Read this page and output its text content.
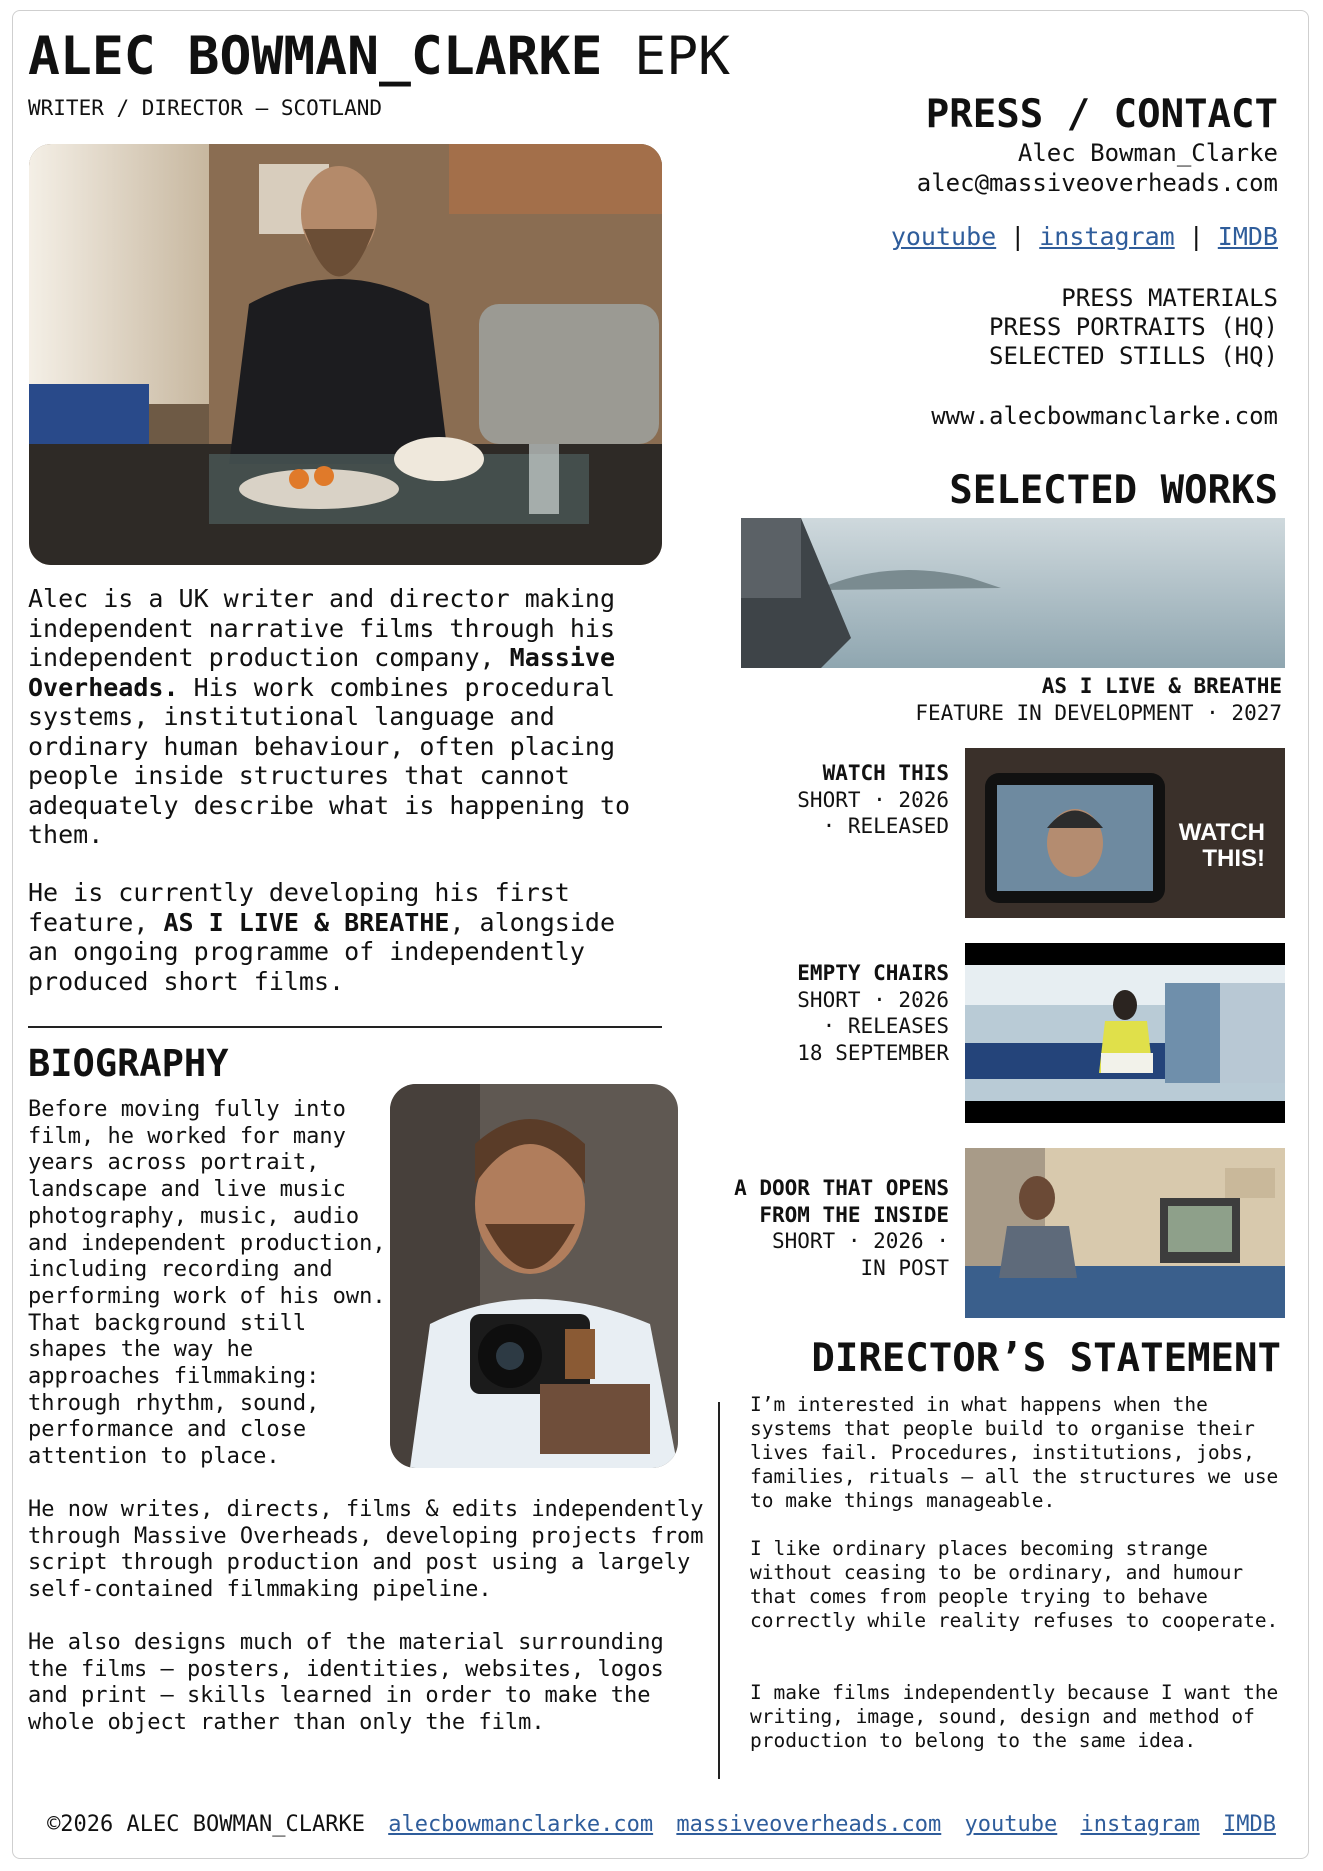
ALEC BOWMAN_CLARKE EPK
WRITER / DIRECTOR – SCOTLAND
Alec is a UK writer and director making independent narrative films through his independent production company, Massive Overheads. His work combines procedural systems, institutional language and ordinary human behaviour, often placing people inside structures that cannot adequately describe what is happening to them.
He is currently developing his first feature, AS I LIVE & BREATHE, alongside an ongoing programme of independently produced short films.
BIOGRAPHY
Before moving fully into film, he worked for many years across portrait, landscape and live music photography, music, audio and independent production, including recording and performing work of his own. That background still shapes the way he approaches filmmaking: through rhythm, sound, performance and close attention to place.
He now writes, directs, films & edits independently through Massive Overheads, developing projects from script through production and post using a largely self-contained filmmaking pipeline.
He also designs much of the material surrounding the films – posters, identities, websites, logos and print – skills learned in order to make the whole object rather than only the film.
PRESS / CONTACT
Alec Bowman_Clarke
alec@massiveoverheads.com
youtube | instagram | IMDB
PRESS MATERIALS
PRESS PORTRAITS (HQ)
SELECTED STILLS (HQ)
www.alecbowmanclarke.com
SELECTED WORKS
AS I LIVE & BREATHE
FEATURE IN DEVELOPMENT · 2027
WATCH THIS
SHORT · 2026
· RELEASED	WATCH
THIS!
EMPTY CHAIRS
SHORT · 2026
· RELEASES
18 SEPTEMBER
A DOOR THAT OPENS
FROM THE INSIDE
SHORT · 2026 ·
IN POST
DIRECTOR’S STATEMENT
I’m interested in what happens when the systems that people build to organise their lives fail. Procedures, institutions, jobs, families, rituals – all the structures we use to make things manageable.
I like ordinary places becoming strange without ceasing to be ordinary, and humour that comes from people trying to behave correctly while reality refuses to cooperate.
I make films independently because I want the writing, image, sound, design and method of production to belong to the same idea.
©2026 ALEC BOWMAN_CLARKE alecbowmanclarke.com massiveoverheads.com youtube instagram IMDB
